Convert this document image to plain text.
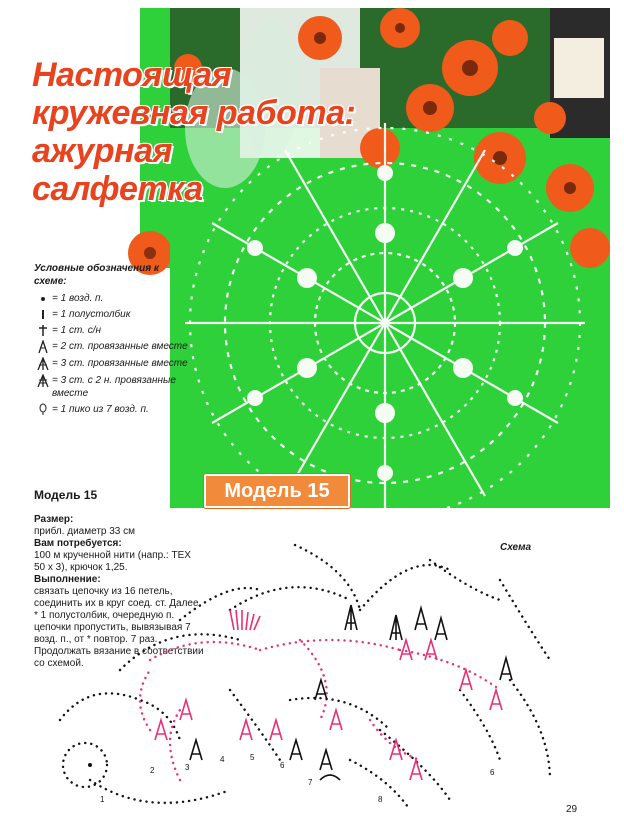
Настоящая
кружевная работа:
ажурная
салфетка
Условные обозначения к схеме:
= 1 возд. п.
= 1 полустолбик
= 1 ст. с/н
= 2 ст. провязанные вместе
= 3 ст. провязанные вместе
= 3 ст. с 2 н. провязанные вместе
= 1 пико из 7 возд. п.
Модель 15
Модель 15
Размер:
прибл. диаметр 33 см
Вам потребуется:
100 м крученной нити (напр.: ТЕХ 50 x 3), крючок 1,25.
Выполнение:
связать цепочку из 16 петель, соединить их в круг соед. ст. Далее * 1 полустолбик, очередную п. цепочки пропустить, вывязывая 7 возд. п., от * повтор. 7 раз. Продолжать вязание в соответствии со схемой.
Схема
1
2	3
4	5
6
7
8
6
29
